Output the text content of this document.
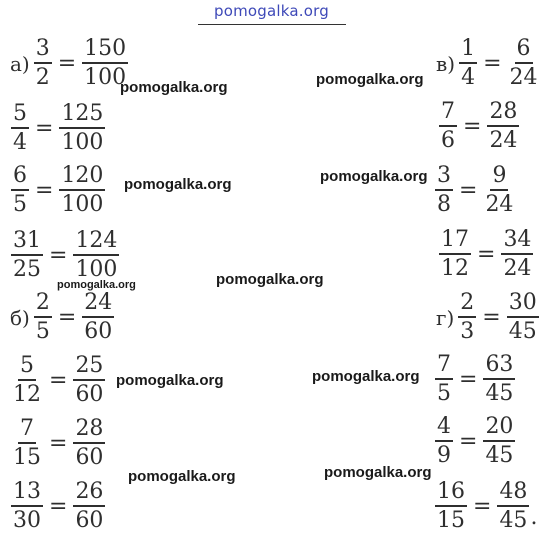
pomogalka.org
$а) \frac{3}{2} = \frac{150}{100}$
$\frac{5}{4} = \frac{125}{100}$
$\frac{6}{5} = \frac{120}{100}$
$\frac{31}{25} = \frac{124}{100}$
$б) \frac{2}{5} = \frac{24}{60}$
$\frac{5}{12} = \frac{25}{60}$
$\frac{7}{15} = \frac{28}{60}$
$\frac{13}{30} = \frac{26}{60}$
$в) \frac{1}{4} = \frac{6}{24}$
$\frac{7}{6} = \frac{28}{24}$
$\frac{3}{8} = \frac{9}{24}$
$\frac{17}{12} = \frac{34}{24}$
$г) \frac{2}{3} = \frac{30}{45}$
$\frac{7}{5} = \frac{63}{45}$
$\frac{4}{9} = \frac{20}{45}$
$\frac{16}{15} = \frac{48}{45}$ .
pomogalka.org	pomogalka.org
pomogalka.org	pomogalka.org
pomogalka.org	pomogalka.org
pomogalka.org	pomogalka.org
pomogalka.org	pomogalka.org
